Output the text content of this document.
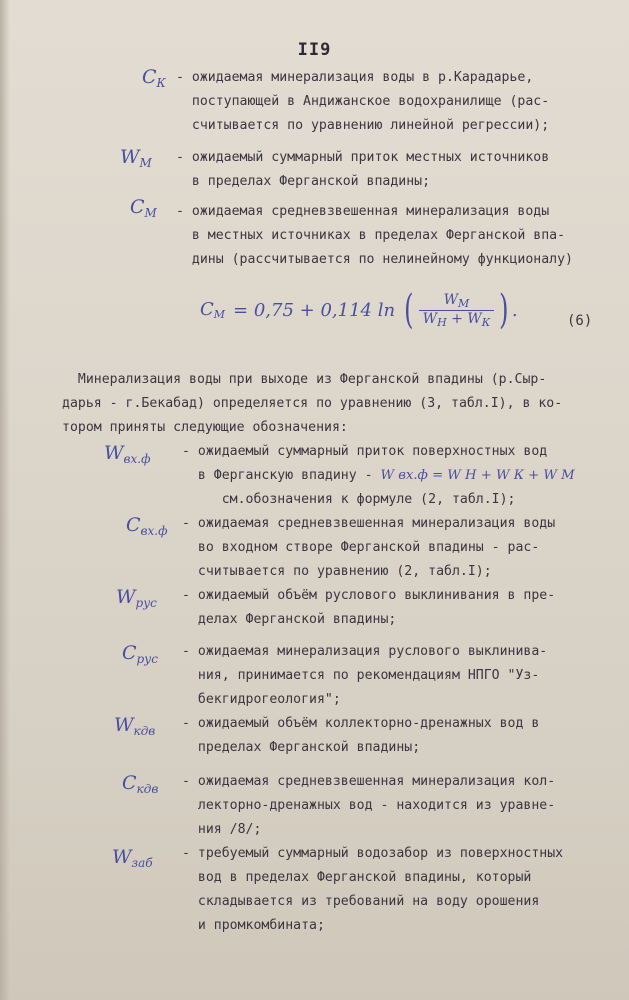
II9
$C_К$ - ожидаемая минерализация воды в р.Карадарье,
поступающей в Андижанское водохранилище (рас-
считывается по уравнению линейной регрессии);
$W_М$ - ожидаемый суммарный приток местных источников
в пределах Ферганской впадины;
$C_М$ - ожидаемая средневзвешенная минерализация воды
в местных источниках в пределах Ферганской впа-
дины (рассчитывается по нелинейному функционалу)
$C_М = 0,75 + 0,114$ ln ( $\frac{W_М}{W_Н + W_К}$ ) .
(6)
Минерализация воды при выходе из Ферганской впадины (р.Сыр-
дарья - г.Бекабад) определяется по уравнению (3, табл.I), в ко-
тором приняты следующие обозначения:
$W_{вх.ф}$ - ожидаемый суммарный приток поверхностных вод
в Ферганскую впадину - W вх.ф = W Н + W К + W М
см.обозначения к формуле (2, табл.I);
$C_{вх.ф}$ - ожидаемая средневзвешенная минерализация воды
во входном створе Ферганской впадины - рас-
считывается по уравнению (2, табл.I);
$W_{рус}$ - ожидаемый объём руслового выклинивания в пре-
делах Ферганской впадины;
$C_{рус}$ - ожидаемая минерализация руслового выклинива-
ния, принимается по рекомендациям НПГО "Уз-
бекгидрогеология";
$W_{кдв}$ - ожидаемый объём коллекторно-дренажных вод в
пределах Ферганской впадины;
$C_{кдв}$ - ожидаемая средневзвешенная минерализация кол-
лекторно-дренажных вод - находится из уравне-
ния /8/;
$W_{заб}$
- требуемый суммарный водозабор из поверхностных
вод в пределах Ферганской впадины, который
складывается из требований на воду орошения
и промкомбината;
